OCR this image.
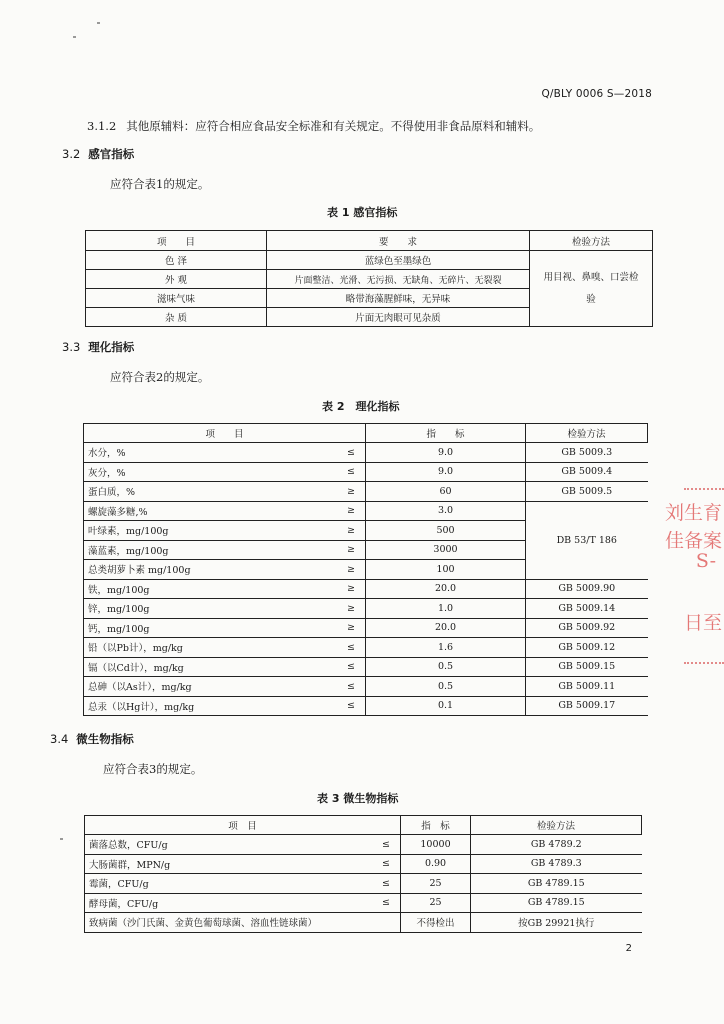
Q/BLY 0006 S—2018
3.1.2 其他原辅料：应符合相应食品安全标准和有关规定。不得使用非食品原料和辅料。
3.2 感官指标
应符合表1的规定。
表 1 感官指标
项　　目	要　　求	检验方法
色 泽	蓝绿色至墨绿色	用目视、鼻嗅、口尝检验
外 观	片面整洁、光滑、无污损、无缺角、无碎片、无裂裂	
滋味气味	略带海藻腥鲜味，无异味	
杂 质	片面无肉眼可见杂质	
3.3 理化指标
应符合表2的规定。
表 2　理化指标
项　　目		指　　标	检验方法
水分，%	≤	9.0	GB 5009.3
灰分，%	≤	9.0	GB 5009.4
蛋白质，%	≥	60	GB 5009.5
螺旋藻多糖,%	≥	3.0	DB 53/T 186
叶绿素，mg/100g	≥	500	
藻蓝素，mg/100g	≥	3000	
总类胡萝卜素 mg/100g	≥	100	
铁，mg/100g	≥	20.0	GB 5009.90
锌，mg/100g	≥	1.0	GB 5009.14
钙，mg/100g	≥	20.0	GB 5009.92
铅（以Pb计），mg/kg	≤	1.6	GB 5009.12
镉（以Cd计），mg/kg	≤	0.5	GB 5009.15
总砷（以As计），mg/kg	≤	0.5	GB 5009.11
总汞（以Hg计），mg/kg	≤	0.1	GB 5009.17
3.4 微生物指标
应符合表3的规定。
表 3 微生物指标
项　目		指　标	检验方法
菌落总数，CFU/g	≤	10000	GB 4789.2
大肠菌群，MPN/g	≤	0.90	GB 4789.3
霉菌，CFU/g	≤	25	GB 4789.15
酵母菌，CFU/g	≤	25	GB 4789.15
致病菌（沙门氏菌、金黄色葡萄球菌、溶血性链球菌）		不得检出	按GB 29921执行
刘生育
佳备案
S-
日至
2
